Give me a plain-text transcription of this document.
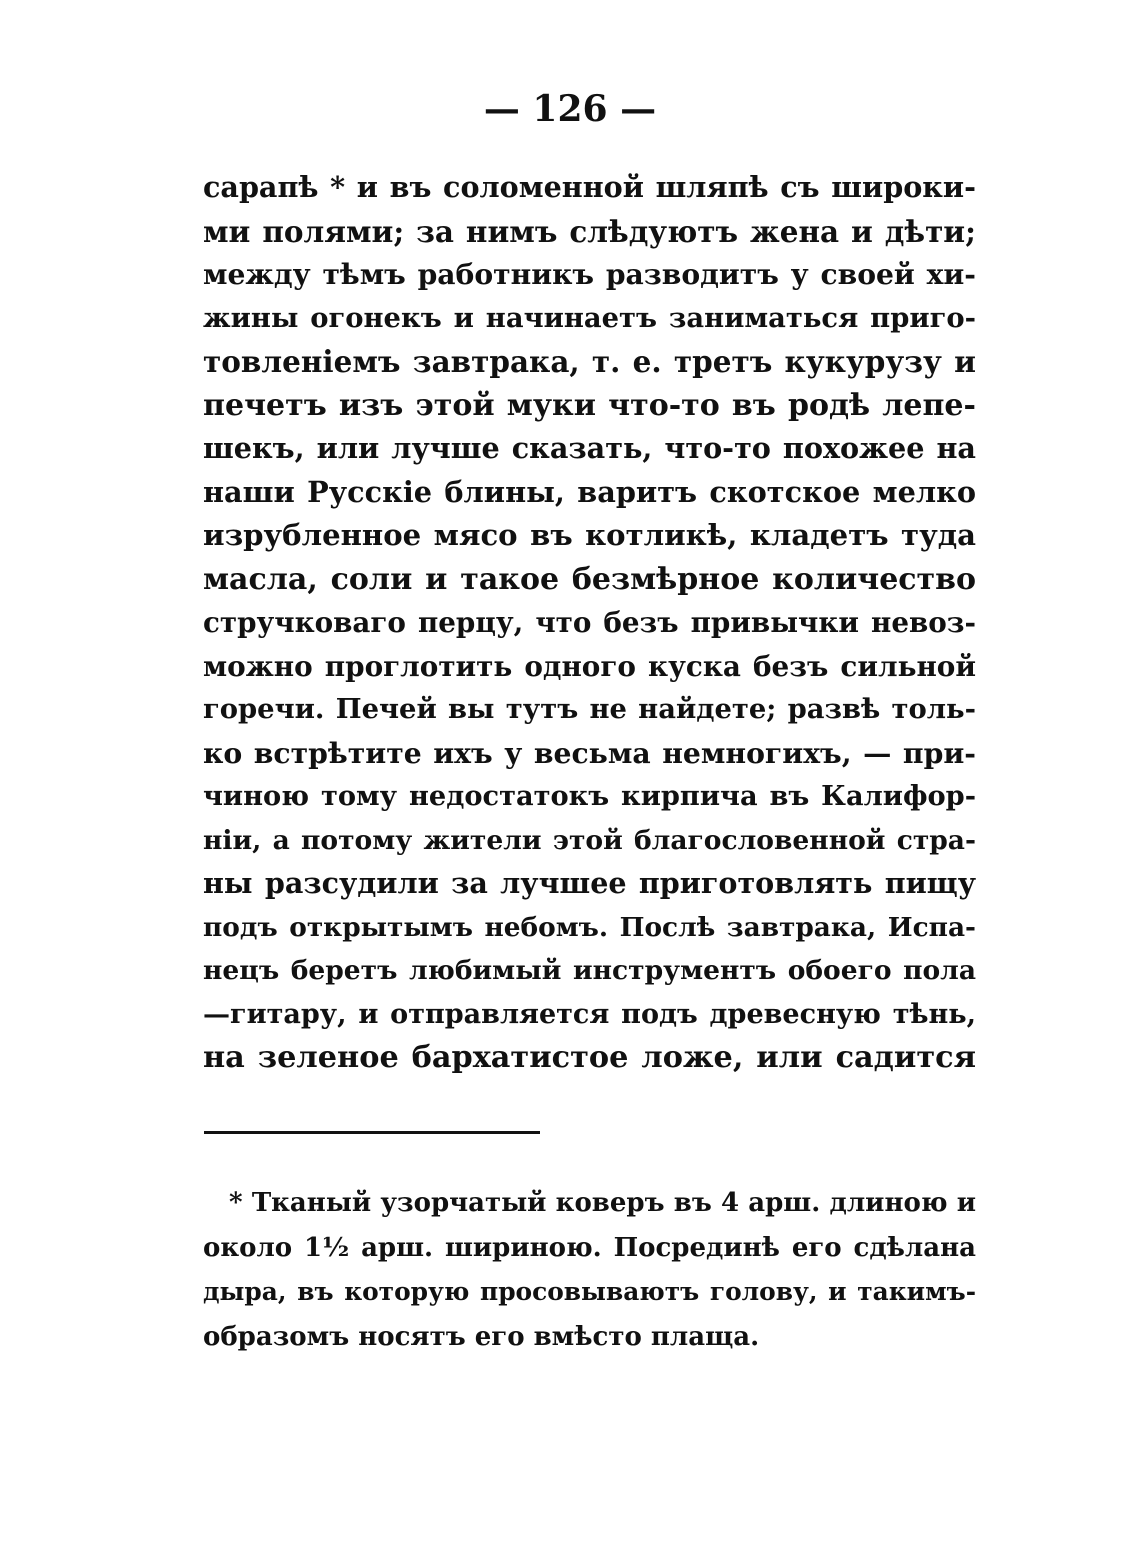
— 126 —
сарапѣ * и въ соломенной шляпѣ съ широки-
ми полями; за нимъ слѣдуютъ жена и дѣти;
между тѣмъ работникъ разводитъ у своей хи-
жины огонекъ и начинаетъ заниматься приго-
товленіемъ завтрака, т. е. третъ кукурузу и
печетъ изъ этой муки что-то въ родѣ лепе-
шекъ, или лучше сказать, что-то похожее на
наши Русскіе блины, варитъ скотское мелко
изрубленное мясо въ котликѣ, кладетъ туда
масла, соли и такое безмѣрное количество
стручковаго перцу, что безъ привычки невоз-
можно проглотить одного куска безъ сильной
горечи. Печей вы тутъ не найдете; развѣ толь-
ко встрѣтите ихъ у весьма немногихъ, — при-
чиною тому недостатокъ кирпича въ Калифор-
ніи, а потому жители этой благословенной стра-
ны разсудили за лучшее приготовлять пищу
подъ открытымъ небомъ. Послѣ завтрака, Испа-
нецъ беретъ любимый инструментъ обоего пола
—гитару, и отправляется подъ древесную тѣнь,
на зеленое бархатистое ложе, или садится
* Тканый узорчатый коверъ въ 4 арш. длиною и
около 1½ арш. шириною. Посрединѣ его сдѣлана
дыра, въ которую просовываютъ голову, и такимъ-
образомъ носятъ его вмѣсто плаща.
